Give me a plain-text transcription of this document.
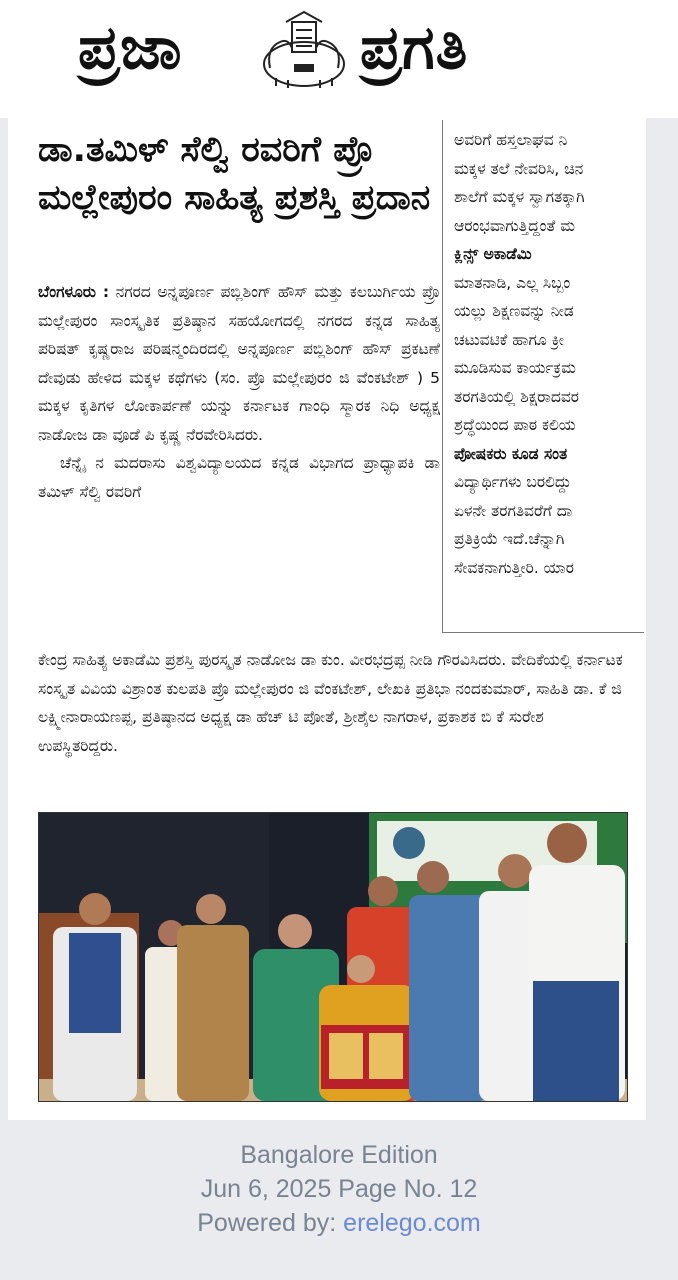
ಪ್ರಜಾ	ಪ್ರಗತಿ
ಡಾ.ತಮಿಳ್ ಸೆಲ್ವಿ ರವರಿಗೆ ಪ್ರೊ ಮಲ್ಲೇಪುರಂ ಸಾಹಿತ್ಯ ಪ್ರಶಸ್ತಿ ಪ್ರದಾನ

ಬೆಂಗಳೂರು : ನಗರದ ಅನ್ನಪೂರ್ಣ ಪಬ್ಲಿಶಿಂಗ್ ಹೌಸ್ ಮತ್ತು ಕಲಬುರ್ಗಿಯ ಪ್ರೊ ಮಲ್ಲೇಪುರಂ ಸಾಂಸ್ಕೃತಿಕ ಪ್ರತಿಷ್ಠಾನ ಸಹಯೋಗದಲ್ಲಿ ನಗರದ ಕನ್ನಡ ಸಾಹಿತ್ಯ ಪರಿಷತ್ ಕೃಷ್ಣರಾಜ ಪರಿಷನ್ಮಂದಿರದಲ್ಲಿ ಅನ್ನಪೂರ್ಣ ಪಬ್ಲಿಶಿಂಗ್ ಹೌಸ್ ಪ್ರಕಟಣೆ ದೇವುಡು ಹೇಳಿದ ಮಕ್ಕಳ ಕಥೆಗಳು (ಸಂ. ಪ್ರೊ ಮಲ್ಲೇಪುರಂ ಜಿ ವೆಂಕಟೇಶ್ ) 5 ಮಕ್ಕಳ ಕೃತಿಗಳ ಲೋಕಾರ್ಪಣೆ ಯನ್ನು ಕರ್ನಾಟಕ ಗಾಂಧಿ ಸ್ಮಾರಕ ನಿಧಿ ಅಧ್ಯಕ್ಷ ನಾಡೋಜ ಡಾ ವೂಡೆ ಪಿ ಕೃಷ್ಣ ನೆರವೇರಿಸಿದರು.

ಚೆನ್ನೈ ನ ಮದರಾಸು ವಿಶ್ವವಿದ್ಯಾಲಯದ ಕನ್ನಡ ವಿಭಾಗದ ಪ್ರಾಧ್ಯಾಪಕಿ ಡಾ ತಮಿಳ್ ಸೆಲ್ವಿ ರವರಿಗೆ

ಅವರಿಗೆ ಹಸ್ತಲಾಘವ ನಿ
ಮಕ್ಕಳ ತಲೆ ನೇವರಿಸಿ, ಚಿನ
ಶಾಲೆಗೆ ಮಕ್ಕಳ ಸ್ವಾಗತಕ್ಕಾಗಿ
ಆರಂಭವಾಗುತ್ತಿದ್ದಂತೆ ಮ
ಕ್ಲಿನ್ಸ್ ಅಕಾಡೆಮಿ
ಮಾತನಾಡಿ, ಎಲ್ಲ ಸಿಬ್ಬಂ
ಯಲ್ಲು ಶಿಕ್ಷಣವನ್ನು ನೀಡ
ಚಟುವಟಿಕೆ ಹಾಗೂ ಕ್ರೀ
ಮೂಡಿಸುವ ಕಾರ್ಯಕ್ರಮ
ತರಗತಿಯಲ್ಲಿ ಶಿಕ್ಷರಾದವರ
ಶ್ರದ್ಧೆಯಿಂದ ಪಾಠ ಕಲಿಯ
ಪೋಷಕರು ಕೂಡ ಸಂತ
ವಿದ್ಯಾರ್ಥಿಗಳು ಬರಲಿದ್ದು
ಏಳನೇ ತರಗತಿವರೆಗೆ ದಾ
ಪ್ರತಿಕ್ರಿಯೆ ಇದೆ.ಚೆನ್ನಾಗಿ
ಸೇವಕನಾಗುತ್ತೀರಿ. ಯಾರ

ಕೇಂದ್ರ ಸಾಹಿತ್ಯ ಅಕಾಡೆಮಿ ಪ್ರಶಸ್ತಿ ಪುರಸ್ಕೃತ ನಾಡೋಜ ಡಾ ಕುಂ. ವೀರಭದ್ರಪ್ಪ ನೀಡಿ ಗೌರವಿಸಿದರು. ವೇದಿಕೆಯಲ್ಲಿ ಕರ್ನಾಟಕ ಸಂಸ್ಕೃತ ವಿವಿಯ ವಿಶ್ರಾಂತ ಕುಲಪತಿ ಪ್ರೊ ಮಲ್ಲೇಪುರಂ ಜಿ ವೆಂಕಟೇಶ್, ಲೇಖಕಿ ಪ್ರತಿಭಾ ನಂದಕುಮಾರ್, ಸಾಹಿತಿ ಡಾ. ಕೆ ಜಿ ಲಕ್ಷ್ಮೀನಾರಾಯಣಪ್ಪ, ಪ್ರತಿಷ್ಠಾನದ ಅಧ್ಯಕ್ಷ ಡಾ ಹೆಚ್ ಟಿ ಪೋತೆ, ಶ್ರೀಶೈಲ ನಾಗರಾಳ, ಪ್ರಕಾಶಕ ಬಿ ಕೆ ಸುರೇಶ ಉಪಸ್ಥಿತರಿದ್ದರು.

Bangalore Edition
Jun 6, 2025 Page No. 12
Powered by: erelego.com
